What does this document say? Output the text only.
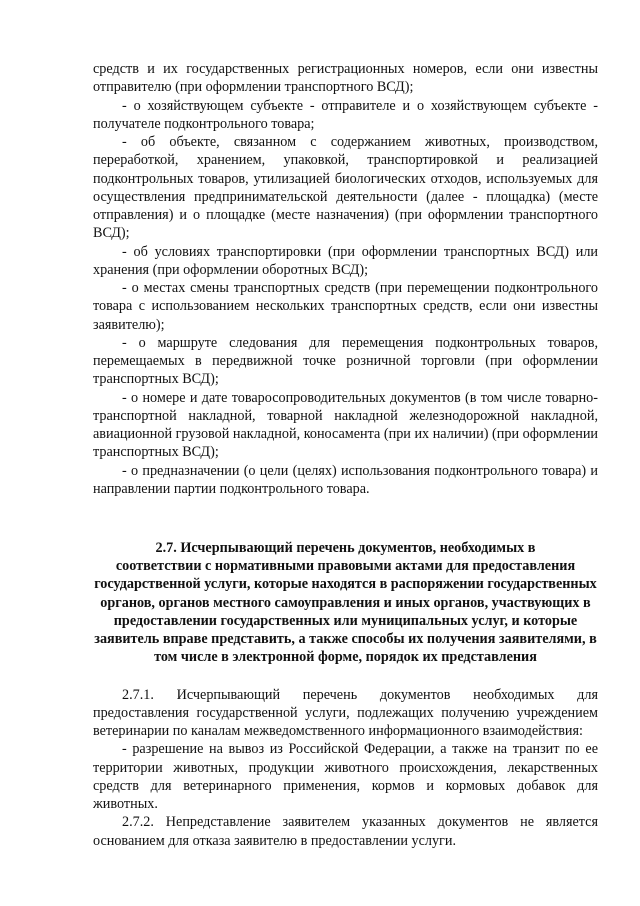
средств и их государственных регистрационных номеров, если они известны

отправителю (при оформлении транспортного ВСД);

- о хозяйствующем субъекте - отправителе и о хозяйствующем субъекте -

получателе подконтрольного товара;

- об объекте, связанном с содержанием животных, производством,

переработкой, хранением, упаковкой, транспортировкой и реализацией

подконтрольных товаров, утилизацией биологических отходов, используемых для

осуществления предпринимательской деятельности (далее - площадка) (месте

отправления) и о площадке (месте назначения) (при оформлении транспортного

ВСД);

- об условиях транспортировки (при оформлении транспортных ВСД) или

хранения (при оформлении оборотных ВСД);

- о местах смены транспортных средств (при перемещении подконтрольного

товара с использованием нескольких транспортных средств, если они известны

заявителю);

- о маршруте следования для перемещения подконтрольных товаров,

перемещаемых в передвижной точке розничной торговли (при оформлении

транспортных ВСД);

- о номере и дате товаросопроводительных документов (в том числе товарно-

транспортной накладной, товарной накладной железнодорожной накладной,

авиационной грузовой накладной, коносамента (при их наличии) (при оформлении

транспортных ВСД);

- о предназначении (о цели (целях) использования подконтрольного товара) и

направлении партии подконтрольного товара.

2.7. Исчерпывающий перечень документов, необходимых в

соответствии с нормативными правовыми актами для предоставления

государственной услуги, которые находятся в распоряжении государственных

органов, органов местного самоуправления и иных органов, участвующих в

предоставлении государственных или муниципальных услуг, и которые

заявитель вправе представить, а также способы их получения заявителями, в

том числе в электронной форме, порядок их представления

2.7.1. Исчерпывающий перечень документов необходимых для

предоставления государственной услуги, подлежащих получению учреждением

ветеринарии по каналам межведомственного информационного взаимодействия:

- разрешение на вывоз из Российской Федерации, а также на транзит по ее

территории животных, продукции животного происхождения, лекарственных

средств для ветеринарного применения, кормов и кормовых добавок для

животных.

2.7.2. Непредставление заявителем указанных документов не является

основанием для отказа заявителю в предоставлении услуги.
